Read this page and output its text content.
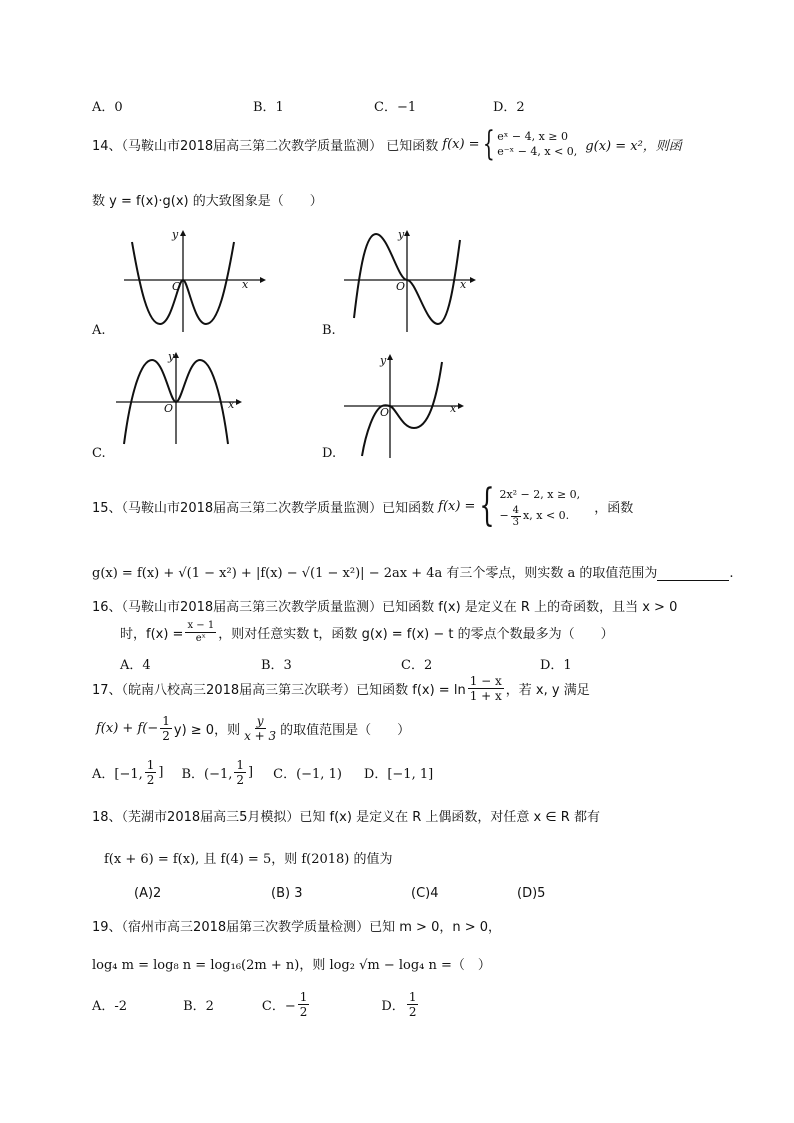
A．0	B．1	C．−1	D．2
14、（马鞍山市2018届高三第二次教学质量监测） 已知函数 f(x) = { eˣ − 4, x ≥ 0
e⁻ˣ − 4, x < 0, g(x) = x²，则函
数 y = f(x)·g(x) 的大致图象是（　　）
y
x
O
A.
y
x
O
B.
y
x
O
C.
y
x
O
D.
15、（马鞍山市2018届高三第二次教学质量监测）已知函数 f(x) = { 2x² − 2, x ≥ 0,
− $\frac{4}{3} x$, x < 0. ，函数
g(x) = f(x) + √(1 − x²) + |f(x) − √(1 − x²)| − 2ax + 4a 有三个零点，则实数 a 的取值范围为	.
16、（马鞍山市2018届高三第三次教学质量监测）已知函数 f(x) 是定义在 R 上的奇函数，且当 x > 0
时，$f(x) = \frac{x - 1}{\text{eˣ}}$ ，则对任意实数 t，函数 g(x) = f(x) − t 的零点个数最多为（　　）
A．4	B．3	C．2	D．1
17、（皖南八校高三2018届高三第三次联考）已知函数 $f(x) = \ln \frac{1 - x}{1 + x}$ ，若 x, y 满足
$f(x) + f(- \frac{1}{2} y) \ge 0$，则 $\frac{y}{x + 3}$ 的取值范围是（　　）
A．[−1, $\frac{1}{2}$ ] B．(−1, $\frac{1}{2}$ ] C．(−1, 1) D．[−1, 1]
18、（芜湖市2018届高三5月模拟）已知 f(x) 是定义在 R 上偶函数，对任意 x ∈ R 都有
f(x + 6) = f(x), 且 f(4) = 5，则 f(2018) 的值为
(A)2	(B) 3	(C)4	(D)5
19、（宿州市高三2018届第三次教学质量检测）已知 m > 0，n > 0，
log₄ m = log₈ n = log₁₆(2m + n)，则 log₂ √m − log₄ n =（　）
A．-2	B．2	C．− $\frac{1}{2}$	D． $\frac{1}{2}$
